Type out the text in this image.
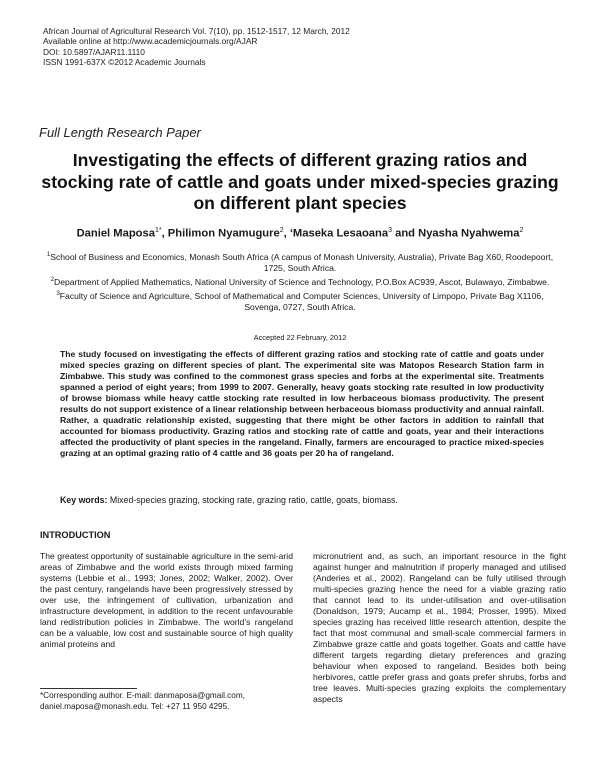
African Journal of Agricultural Research Vol. 7(10), pp. 1512-1517, 12 March, 2012
Available online at http://www.academicjournals.org/AJAR
DOI: 10.5897/AJAR11.1110
ISSN 1991-637X ©2012 Academic Journals
Full Length Research Paper
Investigating the effects of different grazing ratios and stocking rate of cattle and goats under mixed-species grazing on different plant species
Daniel Maposa$^{1*}$, Philimon Nyamugure$^2$, ‘Maseka Lesaoana$^3$ and Nyasha Nyahwema$^2$

$^1$School of Business and Economics, Monash South Africa (A campus of Monash University, Australia), Private Bag X60, Roodepoort, 1725, South Africa.

$^2$Department of Applied Mathematics, National University of Science and Technology, P.O.Box AC939, Ascot, Bulawayo, Zimbabwe.

$^3$Faculty of Science and Agriculture, School of Mathematical and Computer Sciences, University of Limpopo, Private Bag X1106, Sovenga, 0727, South Africa.

Accepted 22 February, 2012
The study focused on investigating the effects of different grazing ratios and stocking rate of cattle and goats under mixed species grazing on different species of plant. The experimental site was Matopos Research Station farm in Zimbabwe. This study was confined to the commonest grass species and forbs at the experimental site. Treatments spanned a period of eight years; from 1999 to 2007. Generally, heavy goats stocking rate resulted in low productivity of browse biomass while heavy cattle stocking rate resulted in low herbaceous biomass productivity. The present results do not support existence of a linear relationship between herbaceous biomass productivity and annual rainfall. Rather, a quadratic relationship existed, suggesting that there might be other factors in addition to rainfall that accounted for biomass productivity. Grazing ratios and stocking rate of cattle and goats, year and their interactions affected the productivity of plant species in the rangeland. Finally, farmers are encouraged to practice mixed-species grazing at an optimal grazing ratio of 4 cattle and 36 goats per 20 ha of rangeland.
Key words: Mixed-species grazing, stocking rate, grazing ratio, cattle, goats, biomass.
INTRODUCTION
The greatest opportunity of sustainable agriculture in the semi-arid areas of Zimbabwe and the world exists through mixed farming systems (Lebbie et al., 1993; Jones, 2002; Walker, 2002). Over the past century, rangelands have been progressively stressed by over use, the infringement of cultivation, urbanization and infrastructure development, in addition to the recent unfavourable land redistribution policies in Zimbabwe. The world’s rangeland can be a valuable, low cost and sustainable source of high quality animal proteins and
micronutrient and, as such, an important resource in the fight against hunger and malnutrition if properly managed and utilised (Anderies et al., 2002). Rangeland can be fully utilised through multi-species grazing hence the need for a viable grazing ratio that cannot lead to its under-utilisation and over-utilisation (Donaldson, 1979; Aucamp et al., 1984; Prosser, 1995). Mixed species grazing has received little research attention, despite the fact that most communal and small-scale commercial farmers in Zimbabwe graze cattle and goats together. Goats and cattle have different targets regarding dietary preferences and grazing behaviour when exposed to rangeland. Besides both being herbivores, cattle prefer grass and goats prefer shrubs, forbs and tree leaves. Multi-species grazing exploits the complementary aspects
*Corresponding author. E-mail: danmaposa@gmail.com, daniel.maposa@monash.edu. Tel: +27 11 950 4295.
